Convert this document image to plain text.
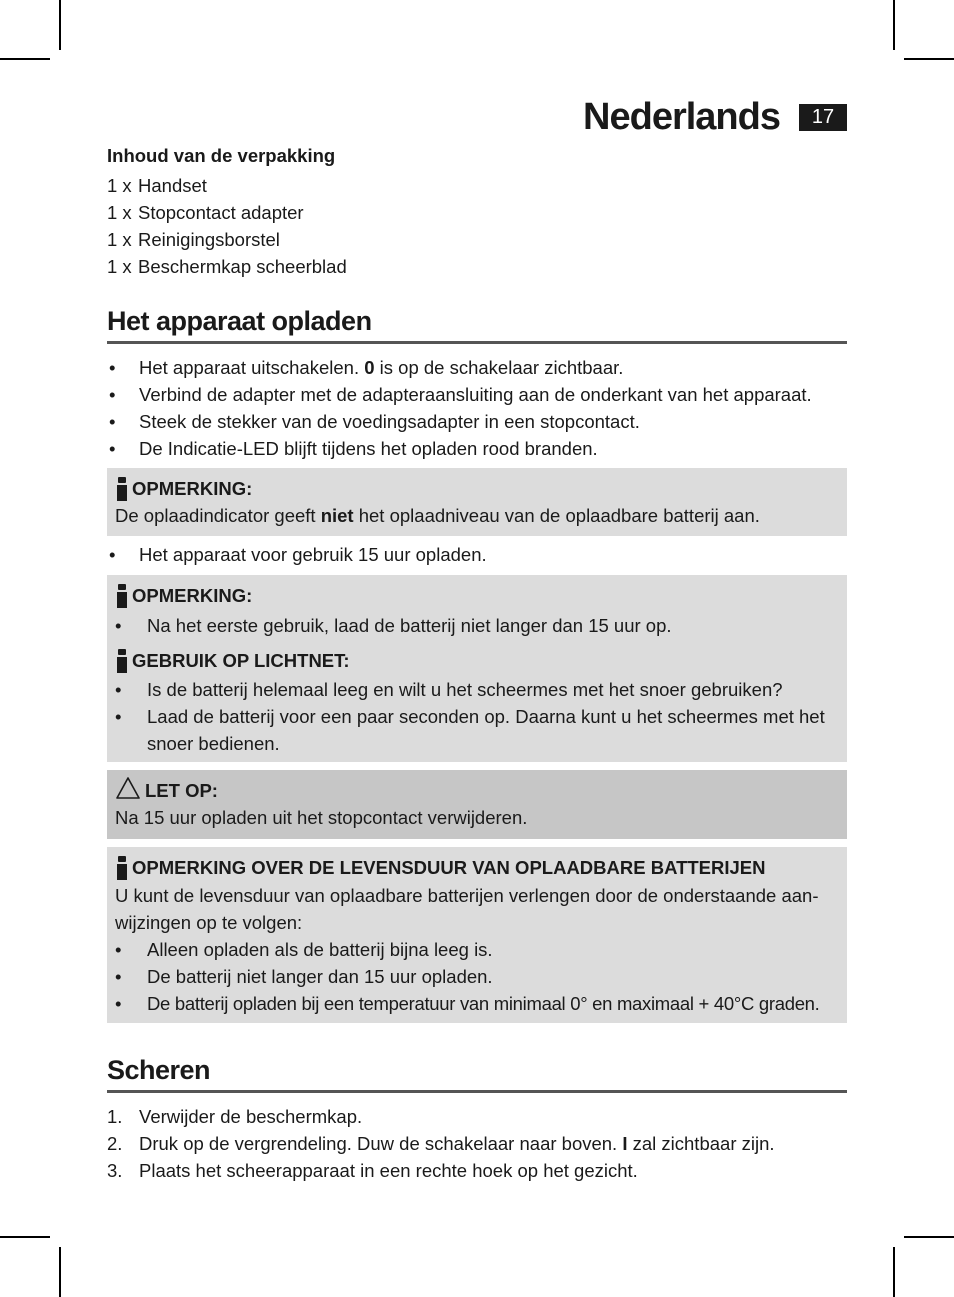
Nederlands	17
Inhoud van de verpakking
1 x Handset
1 x Stopcontact adapter
1 x Reinigingsborstel
1 x Beschermkap scheerblad
Het apparaat opladen
• Het apparaat uitschakelen. 0 is op de schakelaar zichtbaar.
• Verbind de adapter met de adapteraansluiting aan de onderkant van het apparaat.
• Steek de stekker van de voedingsadapter in een stopcontact.
• De Indicatie-LED blijft tijdens het opladen rood branden.
OPMERKING:
De oplaadindicator geeft niet het oplaadniveau van de oplaadbare batterij aan.
• Het apparaat voor gebruik 15 uur opladen.
OPMERKING:
• Na het eerste gebruik, laad de batterij niet langer dan 15 uur op.
GEBRUIK OP LICHTNET:
• Is de batterij helemaal leeg en wilt u het scheermes met het snoer gebruiken?
• Laad de batterij voor een paar seconden op. Daarna kunt u het scheermes met het snoer bedienen.
LET OP:
Na 15 uur opladen uit het stopcontact verwijderen.
OPMERKING OVER DE LEVENSDUUR VAN OPLAADBARE BATTERIJEN
U kunt de levensduur van oplaadbare batterijen verlengen door de onderstaande aan-wijzingen op te volgen:
• Alleen opladen als de batterij bijna leeg is.
• De batterij niet langer dan 15 uur opladen.
• De batterij opladen bij een temperatuur van minimaal 0° en maximaal + 40°C graden.
Scheren
1. Verwijder de beschermkap.
2. Druk op de vergrendeling. Duw de schakelaar naar boven. I zal zichtbaar zijn.
3. Plaats het scheerapparaat in een rechte hoek op het gezicht.
